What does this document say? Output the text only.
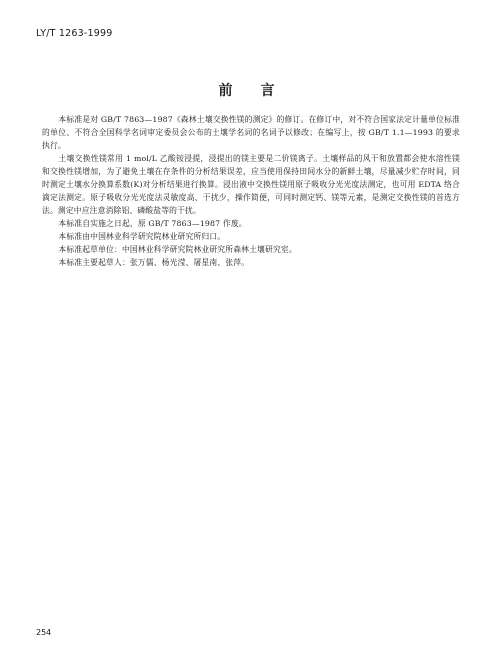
LY/T 1263-1999
前言

本标准是对 GB/T 7863—1987《森林土壤交换性镁的测定》的修订。在修订中，对不符合国家法定计量单位标准的单位、不符合全国科学名词审定委员会公布的土壤学名词的名词予以修改；在编写上，按 GB/T 1.1—1993 的要求执行。

土壤交换性镁常用 1 mol/L 乙酸铵浸提，浸提出的镁主要是二价镁离子。土壤样品的风干和放置都会使水溶性镁和交换性镁增加，为了避免土壤在存条件的分析结果误差，应当使用保持田间水分的新鲜土壤，尽量减少贮存时间，同时测定土壤水分换算系数(K)对分析结果进行换算。浸出液中交换性镁用原子吸收分光光度法测定，也可用 EDTA 络合滴定法测定。原子吸收分光光度法灵敏度高、干扰少，操作简便，可同时测定钙、镁等元素，是测定交换性镁的首选方法。测定中应注意消除铝、磷酸盐等的干扰。

本标准自实施之日起，原 GB/T 7863—1987 作废。

本标准由中国林业科学研究院林业研究所归口。

本标准起草单位：中国林业科学研究院林业研究所森林土壤研究室。

本标准主要起草人：张万儒、杨光滢、屠星南、张萍。

254
